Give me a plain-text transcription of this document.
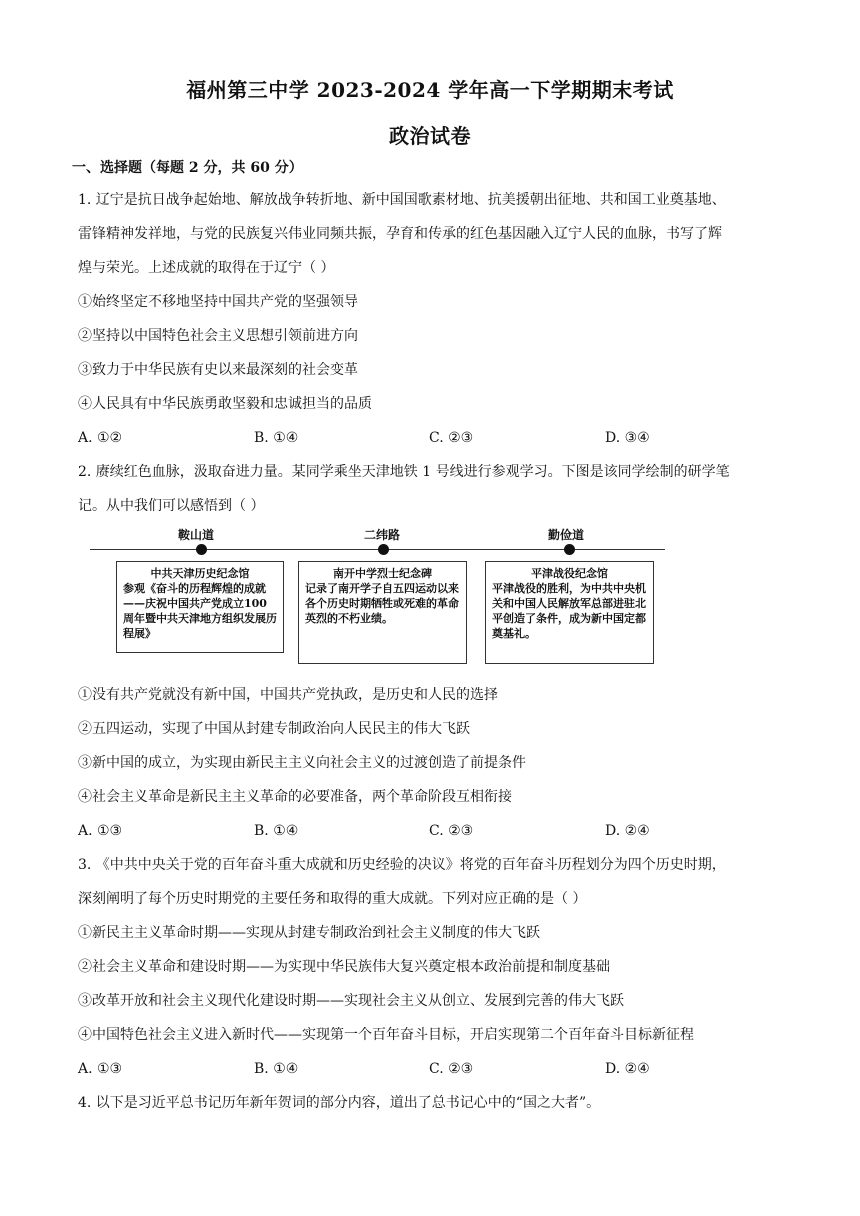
福州第三中学 2023-2024 学年高一下学期期末考试
政治试卷
一、选择题（每题 2 分，共 60 分）
1. 辽宁是抗日战争起始地、解放战争转折地、新中国国歌素材地、抗美援朝出征地、共和国工业奠基地、
雷锋精神发祥地，与党的民族复兴伟业同频共振，孕育和传承的红色基因融入辽宁人民的血脉，书写了辉
煌与荣光。上述成就的取得在于辽宁（ ）
①始终坚定不移地坚持中国共产党的坚强领导
②坚持以中国特色社会主义思想引领前进方向
③致力于中华民族有史以来最深刻的社会变革
④人民具有中华民族勇敢坚毅和忠诚担当的品质
A. ①②	B. ①④	C. ②③	D. ③④
2. 赓续红色血脉，汲取奋进力量。某同学乘坐天津地铁 1 号线进行参观学习。下图是该同学绘制的研学笔
记。从中我们可以感悟到（ ）
鞍山道	二纬路	勤俭道
中共天津历史纪念馆
参观《奋斗的历程辉煌的成就——庆祝中国共产党成立100周年暨中共天津地方组织发展历程展》
南开中学烈士纪念碑
记录了南开学子自五四运动以来各个历史时期牺牲或死难的革命英烈的不朽业绩。
平津战役纪念馆
平津战役的胜利，为中共中央机关和中国人民解放军总部进驻北平创造了条件，成为新中国定都奠基礼。
①没有共产党就没有新中国，中国共产党执政，是历史和人民的选择
②五四运动，实现了中国从封建专制政治向人民民主的伟大飞跃
③新中国的成立，为实现由新民主主义向社会主义的过渡创造了前提条件
④社会主义革命是新民主主义革命的必要准备，两个革命阶段互相衔接
A. ①③	B. ①④	C. ②③	D. ②④
3. 《中共中央关于党的百年奋斗重大成就和历史经验的决议》将党的百年奋斗历程划分为四个历史时期，
深刻阐明了每个历史时期党的主要任务和取得的重大成就。下列对应正确的是（ ）
①新民主主义革命时期——实现从封建专制政治到社会主义制度的伟大飞跃
②社会主义革命和建设时期——为实现中华民族伟大复兴奠定根本政治前提和制度基础
③改革开放和社会主义现代化建设时期——实现社会主义从创立、发展到完善的伟大飞跃
④中国特色社会主义进入新时代——实现第一个百年奋斗目标，开启实现第二个百年奋斗目标新征程
A. ①③	B. ①④	C. ②③	D. ②④
4. 以下是习近平总书记历年新年贺词的部分内容，道出了总书记心中的“国之大者”。
